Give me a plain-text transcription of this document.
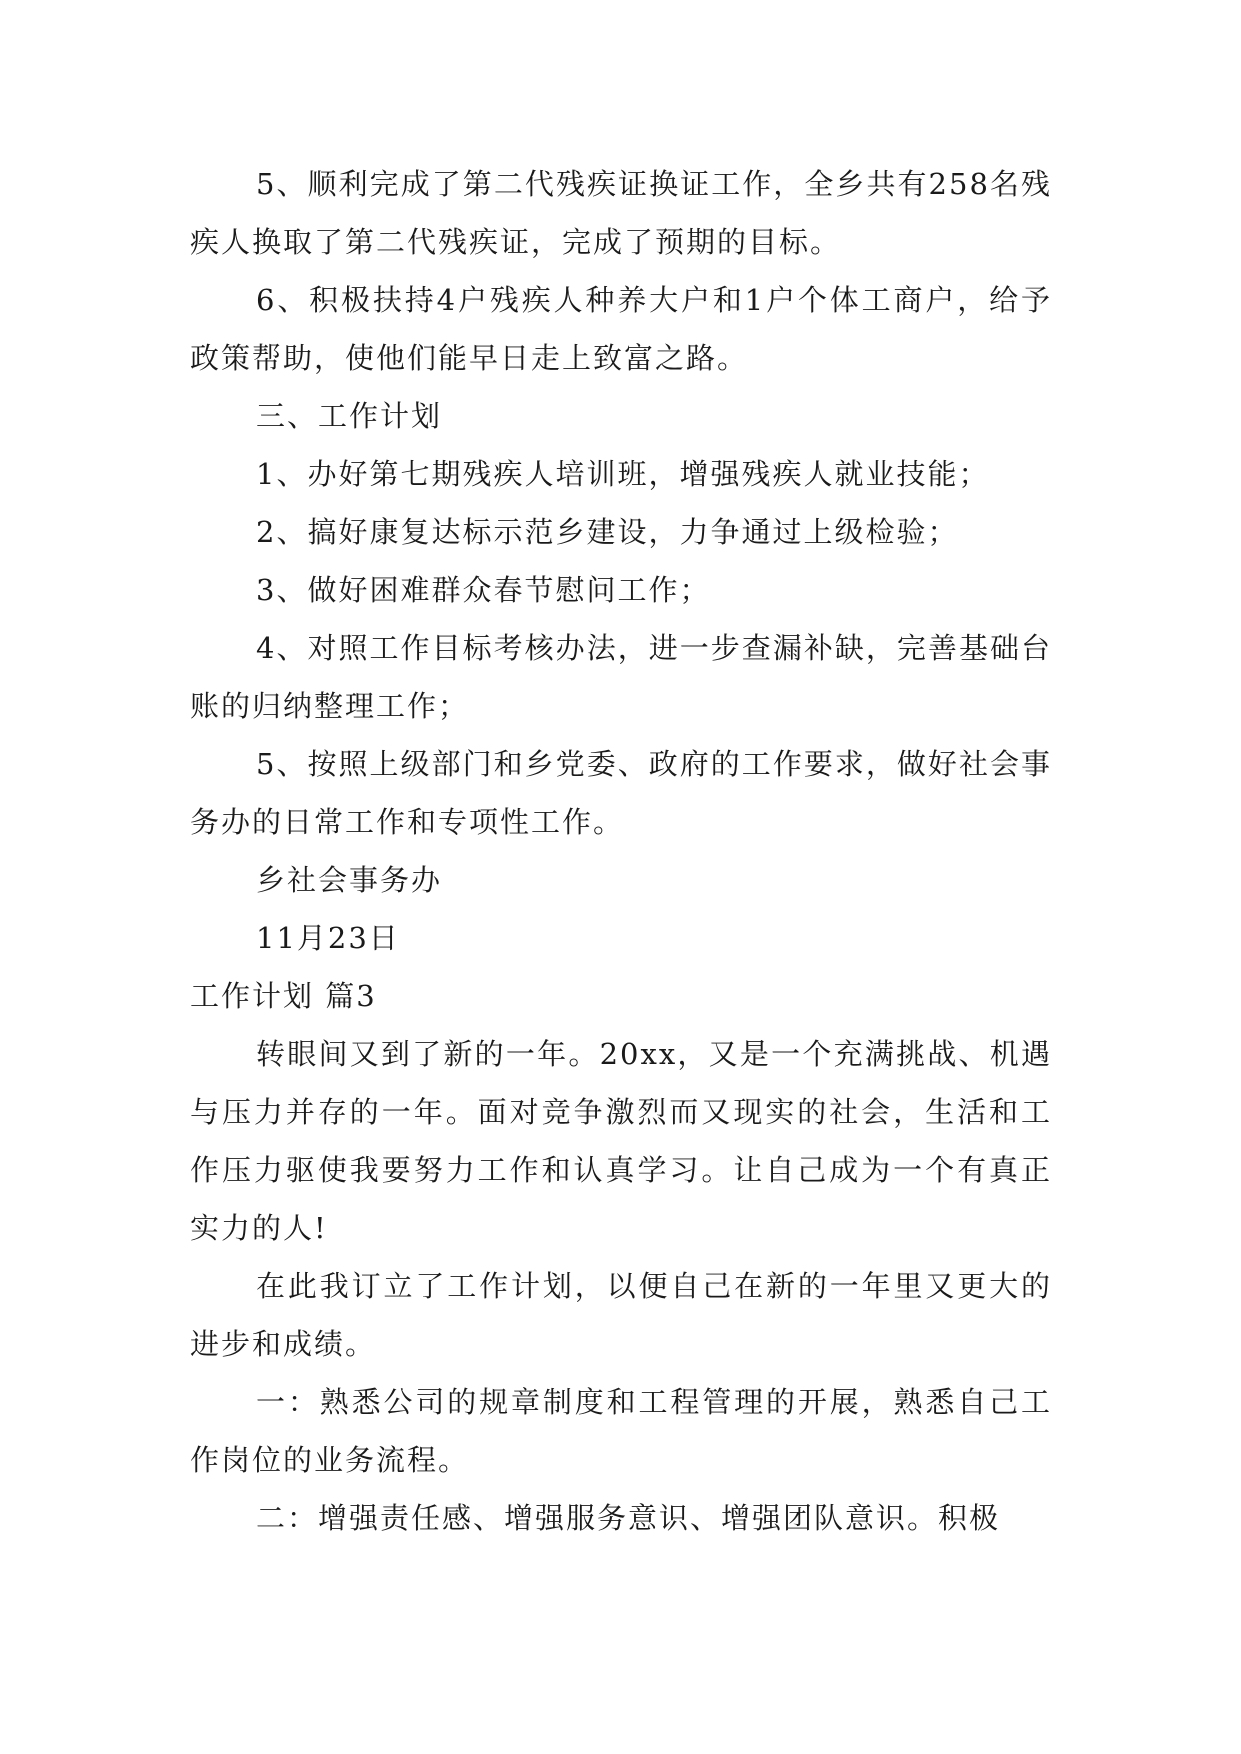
5、顺利完成了第二代残疾证换证工作，全乡共有258名残疾人换取了第二代残疾证，完成了预期的目标。

6、积极扶持4户残疾人种养大户和1户个体工商户，给予政策帮助，使他们能早日走上致富之路。

三、工作计划

1、办好第七期残疾人培训班，增强残疾人就业技能；

2、搞好康复达标示范乡建设，力争通过上级检验；

3、做好困难群众春节慰问工作；

4、对照工作目标考核办法，进一步查漏补缺，完善基础台账的归纳整理工作；

5、按照上级部门和乡党委、政府的工作要求，做好社会事务办的日常工作和专项性工作。

乡社会事务办

11月23日

工作计划 篇3

转眼间又到了新的一年。20xx，又是一个充满挑战、机遇与压力并存的一年。面对竞争激烈而又现实的社会，生活和工作压力驱使我要努力工作和认真学习。让自己成为一个有真正实力的人!

在此我订立了工作计划，以便自己在新的一年里又更大的进步和成绩。

一：熟悉公司的规章制度和工程管理的开展，熟悉自己工作岗位的业务流程。

二：增强责任感、增强服务意识、增强团队意识。积极
